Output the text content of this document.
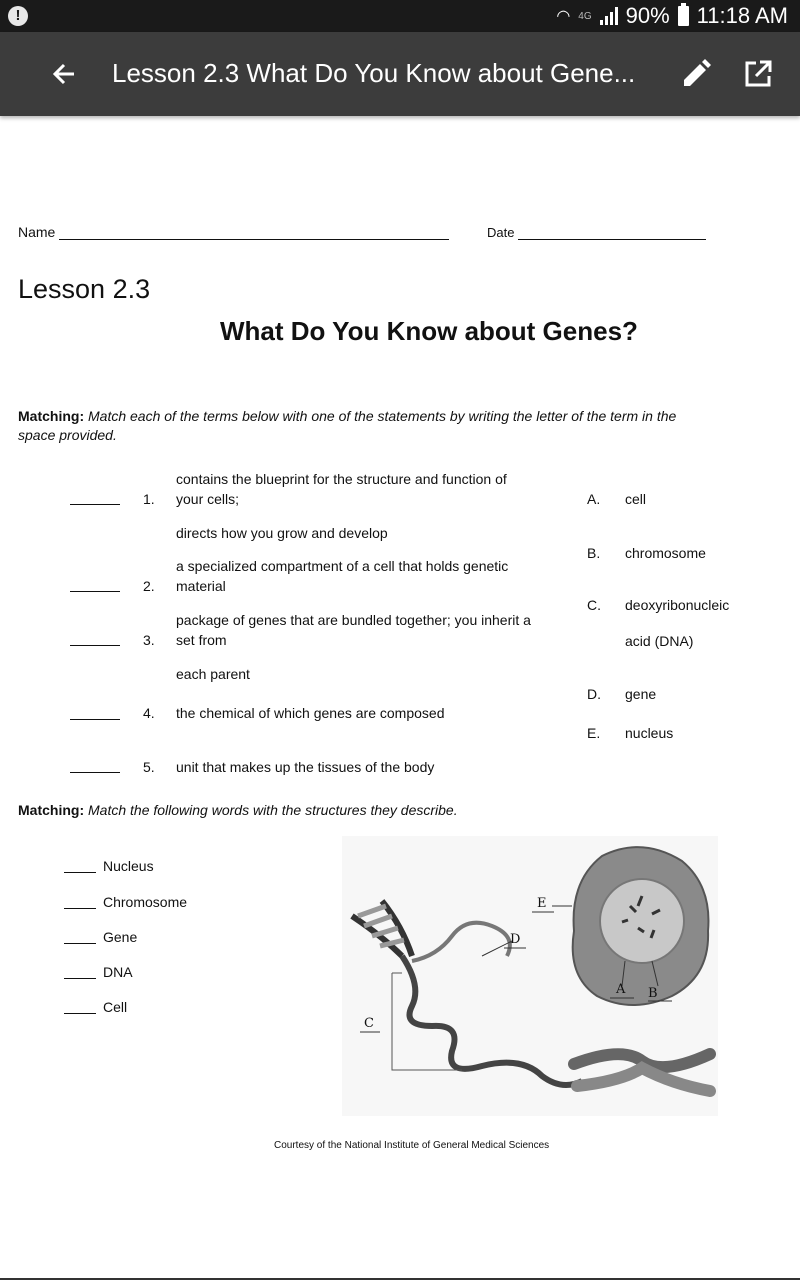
!	◠ 4G 90% 11:18 AM
Lesson 2.3 What Do You Know about Gene...
Name	Date
Lesson 2.3
What Do You Know about Genes?
Matching: Match each of the terms below with one of the statements by writing the letter of the term in the
space provided.
contains the blueprint for the structure and function of
1. your cells;
directs how you grow and develop
a specialized compartment of a cell that holds genetic
2. material
package of genes that are bundled together; you inherit a
3. set from
each parent
4. the chemical of which genes are composed
5. unit that makes up the tissues of the body
A. cell
B. chromosome
C. deoxyribonucleic
acid (DNA)
D. gene
E. nucleus
Matching: Match the following words with the structures they describe.
Nucleus
Chromosome
Gene
DNA
Cell
B
A
C
D
E
Courtesy of the National Institute of General Medical Sciences
